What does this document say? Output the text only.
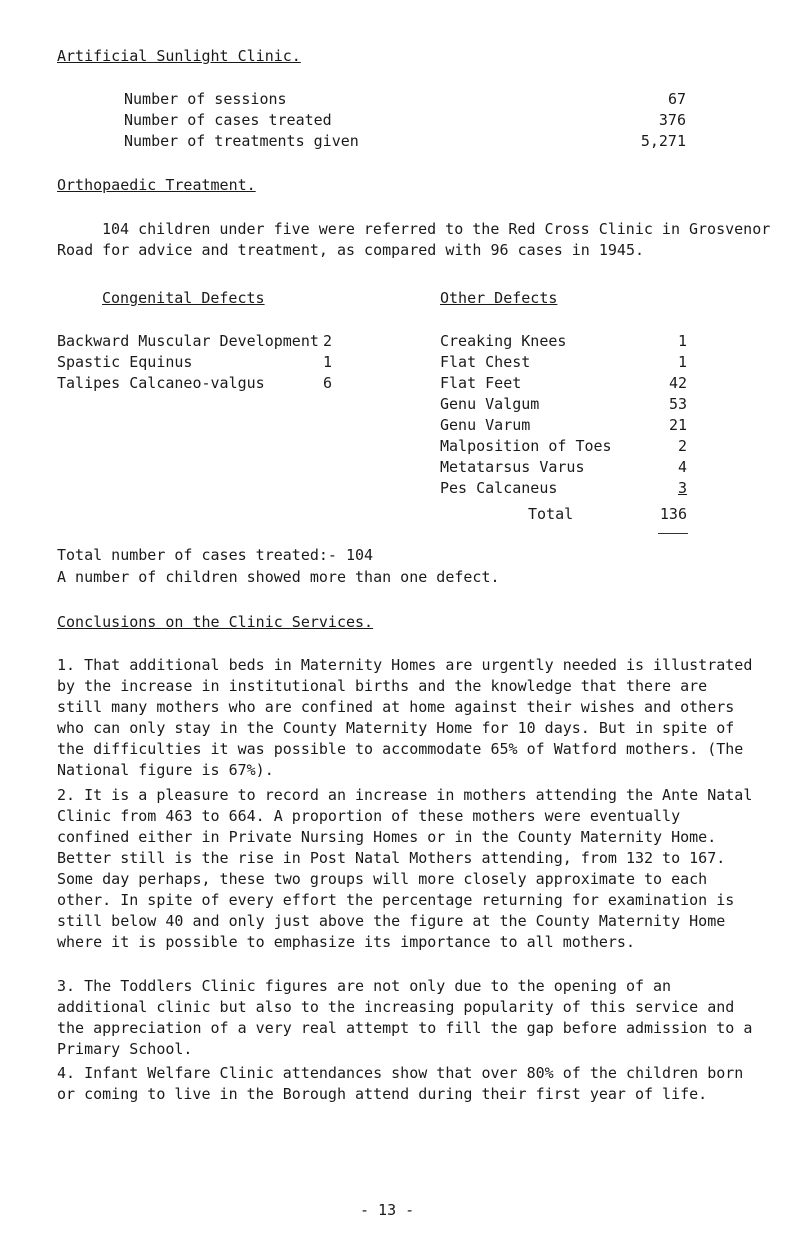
Artificial Sunlight Clinic.
Number of sessions	67
Number of cases treated	376
Number of treatments given	5,271
Orthopaedic Treatment.
104 children under five were referred to the Red Cross Clinic in Grosvenor
Road for advice and treatment, as compared with 96 cases in 1945.
Congenital Defects	Other Defects
Backward Muscular Development 2
Spastic Equinus	1
Talipes Calcaneo-valgus	6
Creaking Knees	1
Flat Chest	1
Flat Feet	42
Genu Valgum	53
Genu Varum	21
Malposition of Toes	2
Metatarsus Varus	4
Pes Calcaneus	3
Total	136
Total number of cases treated:- 104
A number of children showed more than one defect.
Conclusions on the Clinic Services.
1. That additional beds in Maternity Homes are urgently needed is illustrated by the increase in institutional births and the knowledge that there are still many mothers who are confined at home against their wishes and others who can only stay in the County Maternity Home for 10 days. But in spite of the difficulties it was possible to accommodate 65% of Watford mothers. (The National figure is 67%).
2. It is a pleasure to record an increase in mothers attending the Ante Natal Clinic from 463 to 664. A proportion of these mothers were eventually confined either in Private Nursing Homes or in the County Maternity Home. Better still is the rise in Post Natal Mothers attending, from 132 to 167. Some day perhaps, these two groups will more closely approximate to each other. In spite of every effort the percentage returning for examination is still below 40 and only just above the figure at the County Maternity Home where it is possible to emphasize its importance to all mothers.
3. The Toddlers Clinic figures are not only due to the opening of an additional clinic but also to the increasing popularity of this service and the appreciation of a very real attempt to fill the gap before admission to a Primary School.
4. Infant Welfare Clinic attendances show that over 80% of the children born or coming to live in the Borough attend during their first year of life.
- 13 -
